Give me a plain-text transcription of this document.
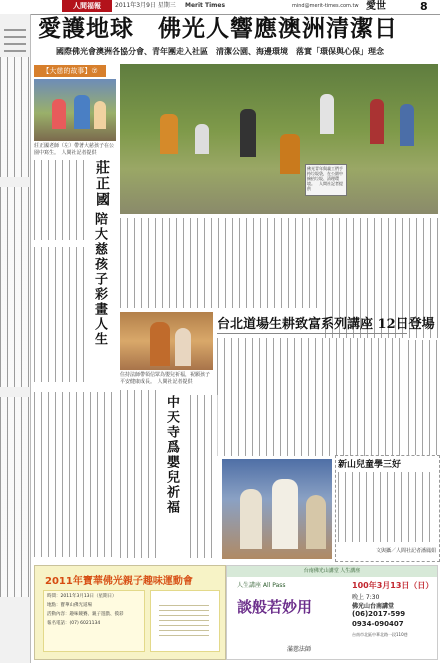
人間福報	2011年3月9日 星期三 Merit Times	mind@merit-times.com.tw 愛世	8
愛護地球　佛光人響應澳洲清潔日
國際佛光會澳洲各協分會、青年團走入社區　清潔公園、海邊環境　落實「環保與心保」理念
【大慈的故事】⑦
莊正國老師（左）帶著大慈孩子在公園中寫生。　人間社記者提供
莊正國
陪大慈孩子彩畫人生
佛光青年與義工們手持垃圾袋，在公園中撿拾垃圾、清理環境。　人間社記者提供
台北道場生耕致富系列講座 12日登場
住持法師帶領信眾為嬰兒祈福，祝願孩子平安健康成長。　人間社記者提供
中天寺爲嬰兒祈福	新山兒童學三好
文與攝／人間社記者潘鳳娟
2011年寶華佛光親子趣味運動會
時間：2011年3月13日（星期日）
地點：寶華山佛光道場
活動內容：趣味競賽、親子遊戲、摸彩
報名電話：(07) 6021134
台南佛光山講堂 人生講座
人生講座 All Pass
談般若妙用
滿慈法師
100年3月13日（日）
晚上 7:30
佛光山台南講堂
(06)2017-599
0934-090407
台南市北區中華北路一段110巷
